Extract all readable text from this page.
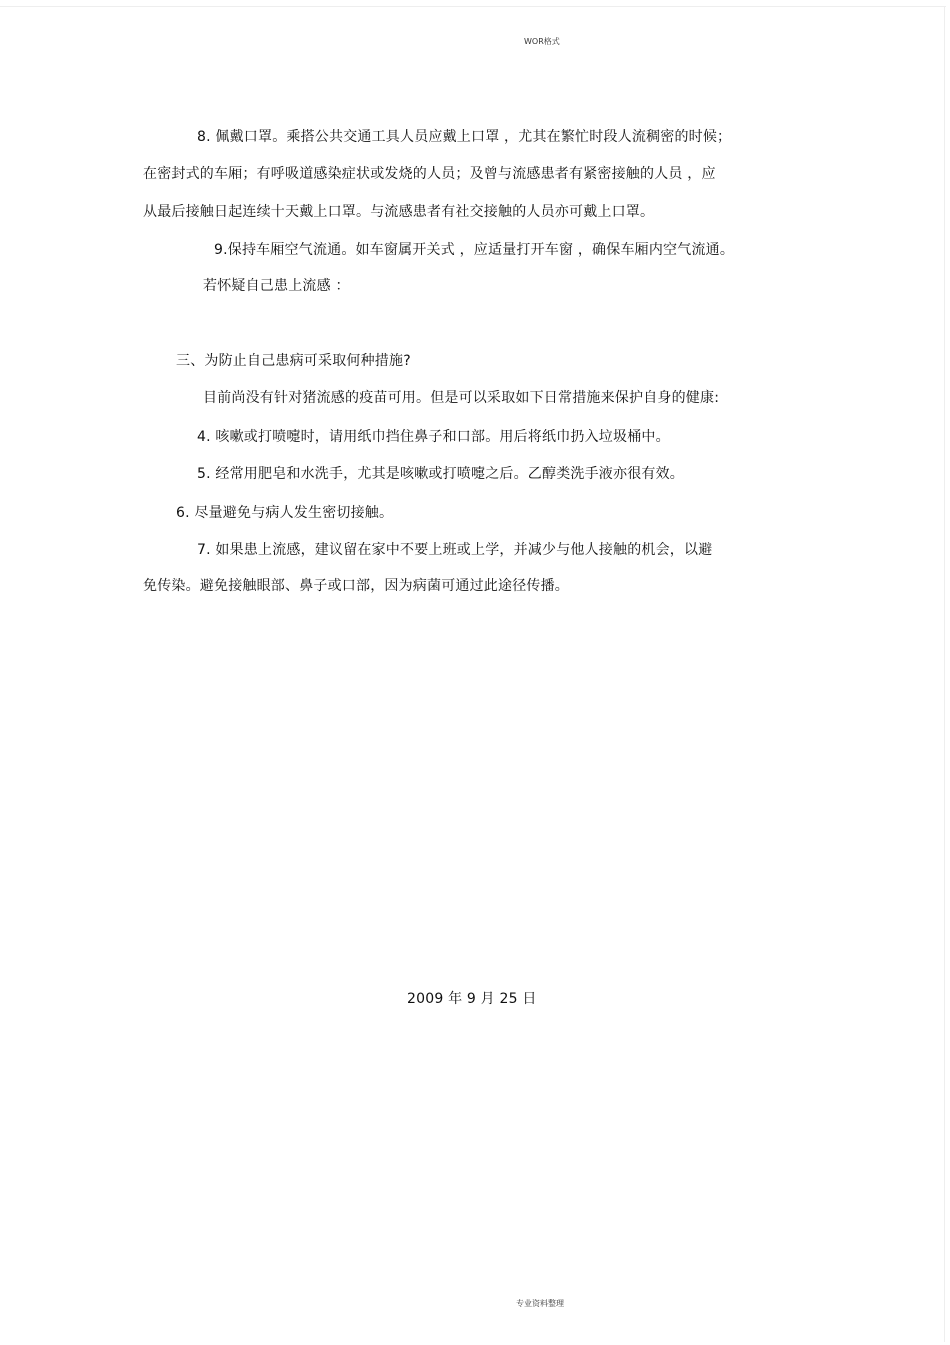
WOR格式
8. 佩戴口罩。乘搭公共交通工具人员应戴上口罩 ，尤其在繁忙时段人流稠密的时候；
在密封式的车厢；有呼吸道感染症状或发烧的人员；及曾与流感患者有紧密接触的人员 ，应
从最后接触日起连续十天戴上口罩。与流感患者有社交接触的人员亦可戴上口罩。
9.保持车厢空气流通。如车窗属开关式 ，应适量打开车窗 ，确保车厢内空气流通。
若怀疑自己患上流感 ：
三、为防止自己患病可采取何种措施?
目前尚没有针对猪流感的疫苗可用。但是可以采取如下日常措施来保护自身的健康:
4. 咳嗽或打喷嚏时，请用纸巾挡住鼻子和口部。用后将纸巾扔入垃圾桶中。
5. 经常用肥皂和水洗手，尤其是咳嗽或打喷嚏之后。乙醇类洗手液亦很有效。
6. 尽量避免与病人发生密切接触。
7. 如果患上流感，建议留在家中不要上班或上学，并减少与他人接触的机会，以避
免传染。避免接触眼部、鼻子或口部，因为病菌可通过此途径传播。
2009 年 9 月 25 日
专业资料整理
